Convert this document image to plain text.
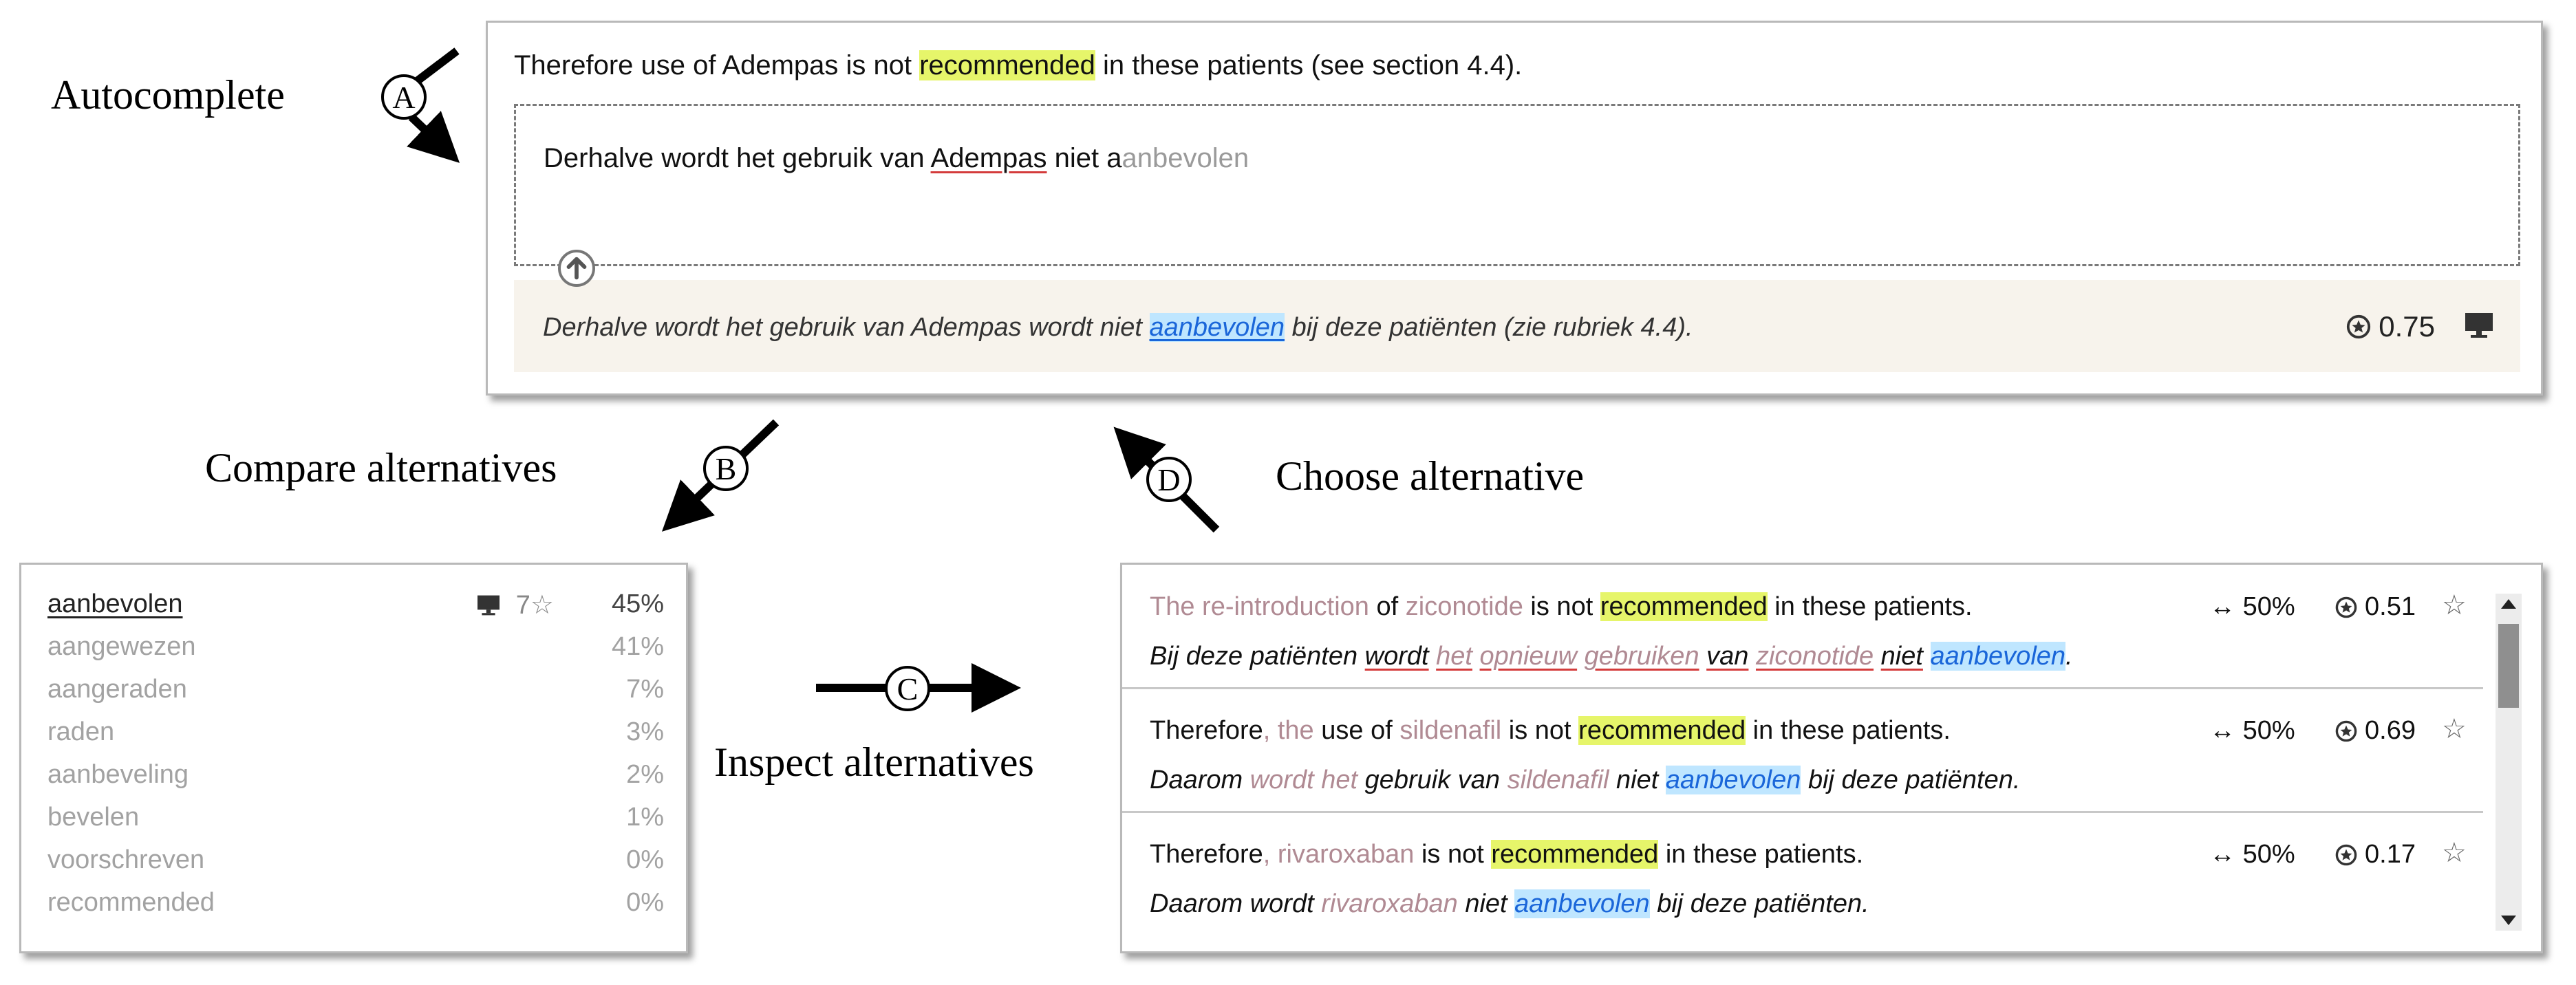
Autocomplete	A
Compare alternatives	B
Inspect alternatives
C
Choose alternative
D
Therefore use of Adempas is not recommended in these patients (see section 4.4).
Derhalve wordt het gebruik van Adempas niet aanbevolen
Derhalve wordt het gebruik van Adempas wordt niet aanbevolen bij deze patiënten (zie rubriek 4.4).	0.75
aanbevolen	7☆ 45%
aangewezen	41%
aangeraden	7%
raden	3%
aanbeveling	2%
bevelen	1%
voorschreven	0%
recommended	0%
The re-introduction of ziconotide is not recommended in these patients.
Bij deze patiënten wordt het opnieuw gebruiken van ziconotide niet aanbevolen.
↔ 50%	0.51 ☆
Therefore, the use of sildenafil is not recommended in these patients.
Daarom wordt het gebruik van sildenafil niet aanbevolen bij deze patiënten.
↔ 50%	0.69 ☆
Therefore, rivaroxaban is not recommended in these patients.
Daarom wordt rivaroxaban niet aanbevolen bij deze patiënten.
↔ 50%	0.17 ☆
